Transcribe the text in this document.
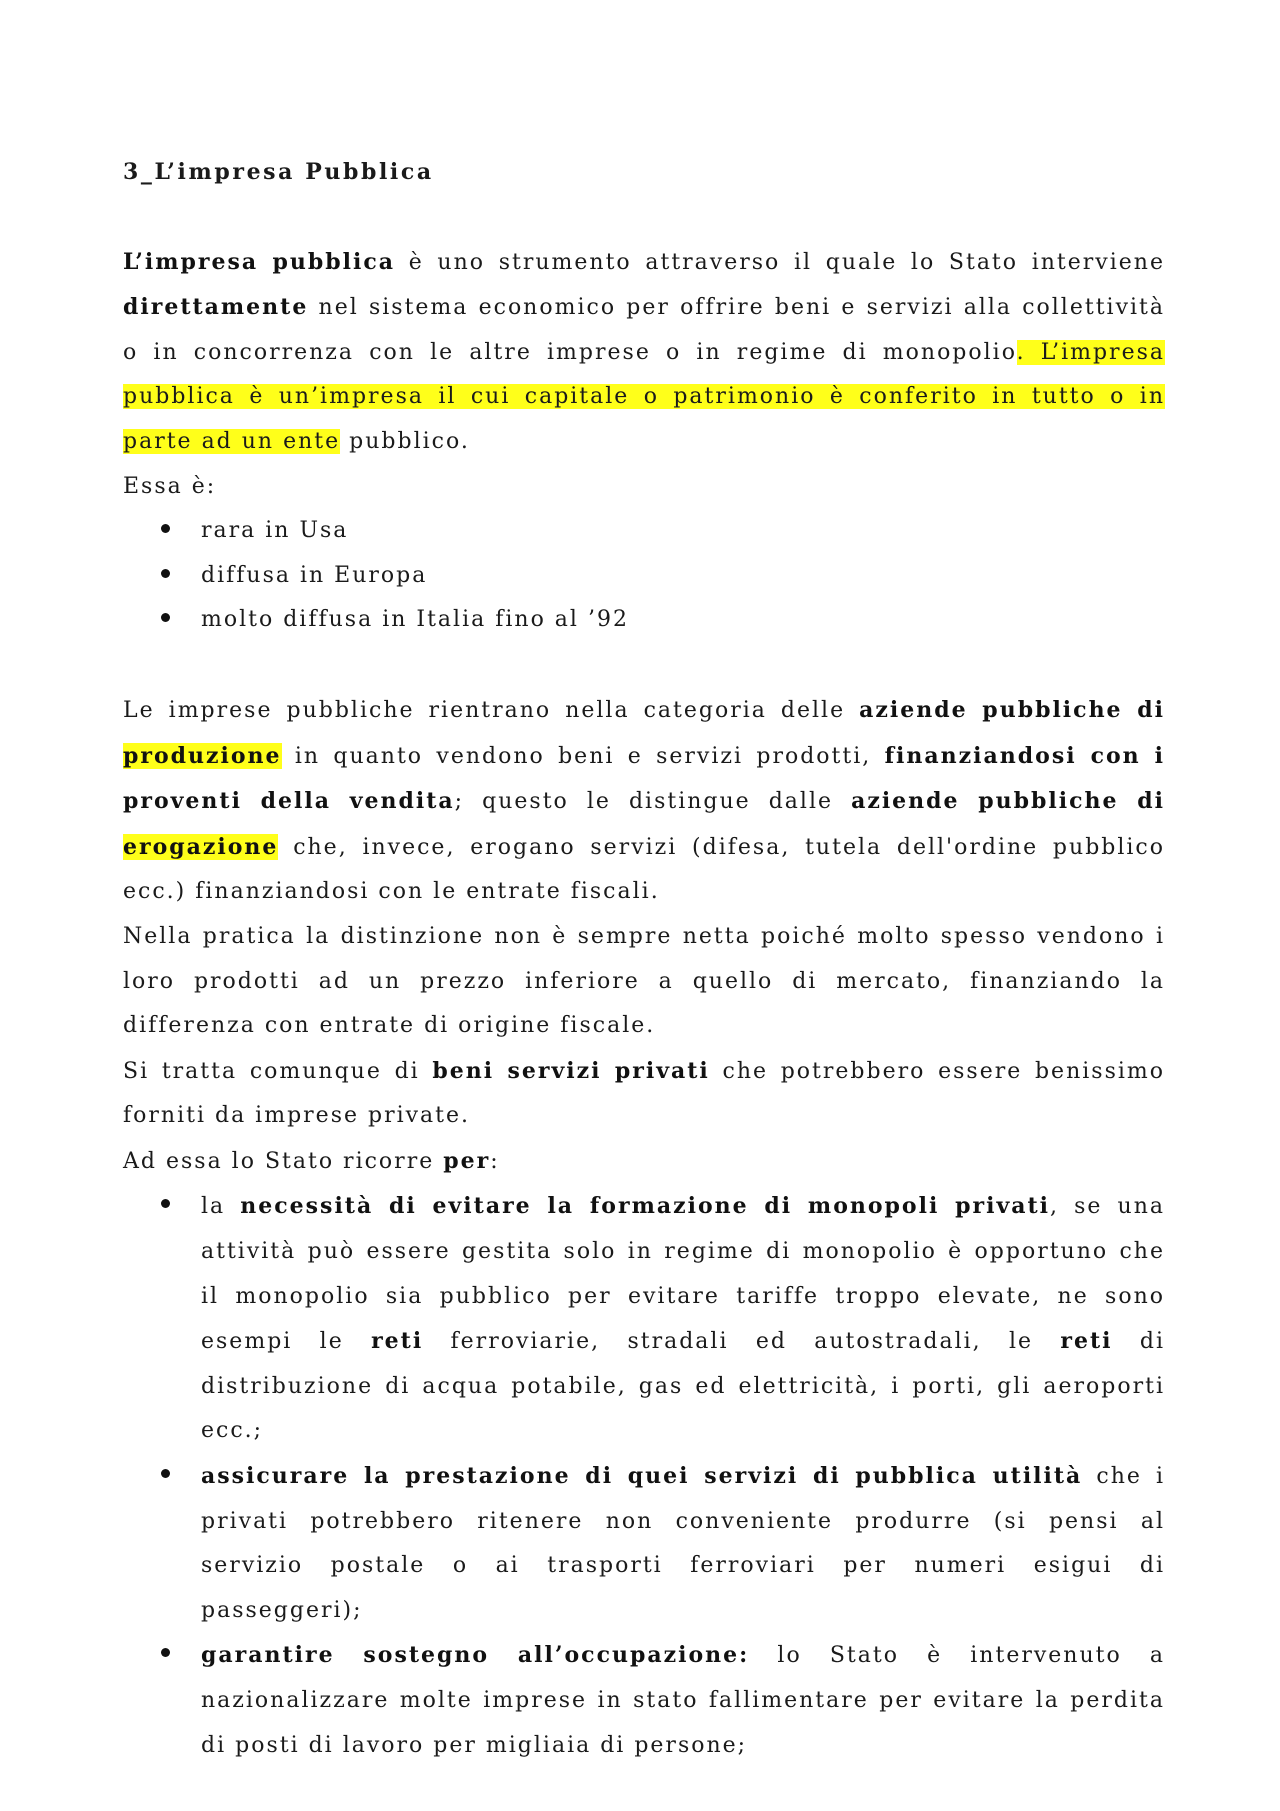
3_L’impresa Pubblica

L’impresa pubblica è uno strumento attraverso il quale lo Stato interviene direttamente nel sistema economico per offrire beni e servizi alla collettività o in concorrenza con le altre imprese o in regime di monopolio. L’impresa pubblica è un’impresa il cui capitale o patrimonio è conferito in tutto o in parte ad un ente pubblico.

Essa è:

rara in Usa
diffusa in Europa
molto diffusa in Italia fino al ’92

Le imprese pubbliche rientrano nella categoria delle aziende pubbliche di produzione in quanto vendono beni e servizi prodotti, finanziandosi con i proventi della vendita; questo le distingue dalle aziende pubbliche di erogazione che, invece, erogano servizi (difesa, tutela dell'ordine pubblico ecc.) finanziandosi con le entrate fiscali.

Nella pratica la distinzione non è sempre netta poiché molto spesso vendono i loro prodotti ad un prezzo inferiore a quello di mercato, finanziando la differenza con entrate di origine fiscale.

Si tratta comunque di beni servizi privati che potrebbero essere benissimo forniti da imprese private.

Ad essa lo Stato ricorre per:

la necessità di evitare la formazione di monopoli privati, se una attività può essere gestita solo in regime di monopolio è opportuno che il monopolio sia pubblico per evitare tariffe troppo elevate, ne sono esempi le reti ferroviarie, stradali ed autostradali, le reti di distribuzione di acqua potabile, gas ed elettricità, i porti, gli aeroporti ecc.;
assicurare la prestazione di quei servizi di pubblica utilità che i privati potrebbero ritenere non conveniente produrre (si pensi al servizio postale o ai trasporti ferroviari per numeri esigui di passeggeri);
garantire sostegno all’occupazione: lo Stato è intervenuto a nazionalizzare molte imprese in stato fallimentare per evitare la perdita di posti di lavoro per migliaia di persone;
